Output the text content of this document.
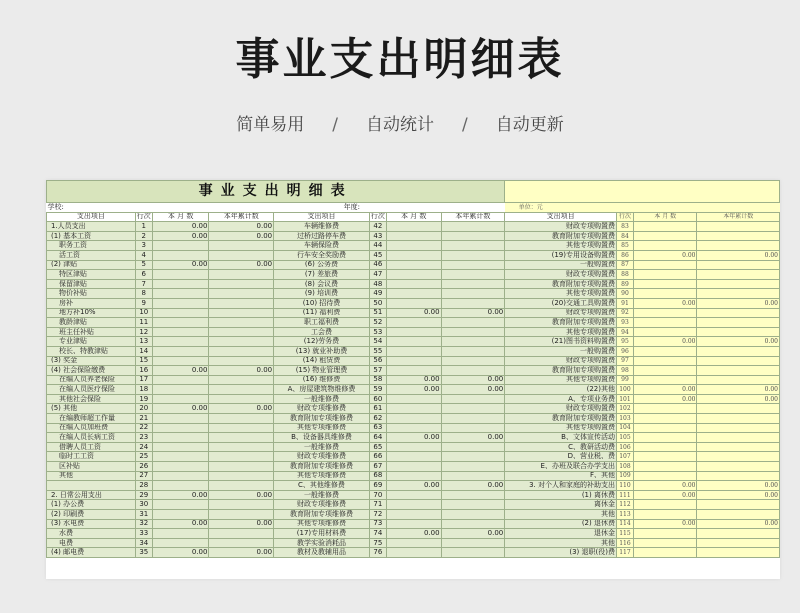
事业支出明细表
简单易用 / 自动统计 / 自动更新
事业支出明细表											
学校:				年度:				单位：元			
支出项目	行次	本 月 数	本年累计数	支出项目	行次	本 月 数	本年累计数	支出项目	行次	本 月 数	本年累计数
1.人员支出	1	0.00	0.00	车辆维修费	42			财政专项购置费	83		
(1) 基本工资	2	0.00	0.00	过桥过路停车费	43			教育附加专项购置费	84		
职务工资	3			车辆保险费	44			其他专项购置费	85		
活工资	4			行车安全奖励费	45			(19)专用设备购置费	86	0.00	0.00
(2) 津贴	5	0.00	0.00	(6) 公务费	46			一般购置费	87		
特区津贴	6			(7) 差旅费	47			财政专项购置费	88		
保留津贴	7			(8) 会议费	48			教育附加专项购置费	89		
物价补贴	8			(9) 培训费	49			其他专项购置费	90		
房补	9			(10) 招待费	50			(20)交通工具购置费	91	0.00	0.00
地方补10%	10			(11) 福利费	51	0.00	0.00	财政专项购置费	92		
教龄津贴	11			职工福利费	52			教育附加专项购置费	93		
班主任补贴	12			工会费	53			其他专项购置费	94		
专业津贴	13			(12)劳务费	54			(21)图书资料购置费	95	0.00	0.00
校长、特教津贴	14			(13) 就业补助费	55			一般购置费	96		
(3) 奖金	15			(14) 租赁费	56			财政专项购置费	97		
(4) 社会保险缴费	16	0.00	0.00	(15) 物业管理费	57			教育附加专项购置费	98		
在编人员养老保险	17			(16) 维修费	58	0.00	0.00	其他专项购置费	99		
在编人员医疗保险	18			A、房屋建筑物维修费	59	0.00	0.00	(22)其他	100	0.00	0.00
其他社会保险	19			一般维修费	60			A、专项业务费	101	0.00	0.00
(5) 其他	20	0.00	0.00	财政专项维修费	61			财政专项购置费	102		
在编教师超工作量	21			教育附加专项维修费	62			教育附加专项购置费	103		
在编人员加班费	22			其他专项维修费	63			其他专项购置费	104		
在编人员长病工资	23			B、设备器具维修费	64	0.00	0.00	B、文体宣传活动	105		
借聘人员工资	24			一般维修费	65			C、教研活动费	106		
临时工工资	25			财政专项维修费	66			D、营业税、费	107		
区补贴	26			教育附加专项维修费	67			E、办班及联合办学支出	108		
其他	27			其他专项维修费	68			F、其他	109		
	28			C、其他维修费	69	0.00	0.00	3. 对个人和家庭的补助支出	110	0.00	0.00
2. 日常公用支出	29	0.00	0.00	一般维修费	70			(1) 离休费	111	0.00	0.00
(1) 办公费	30			财政专项维修费	71			离休金	112		
(2) 印刷费	31			教育附加专项维修费	72			其他	113		
(3) 水电费	32	0.00	0.00	其他专项维修费	73			(2) 退休费	114	0.00	0.00
水费	33			(17)专用材料费	74	0.00	0.00	退休金	115		
电费	34			教学实验消耗品	75			其他	116		
(4) 邮电费	35	0.00	0.00	教材及教辅用品	76			(3) 退职(役)费	117		
